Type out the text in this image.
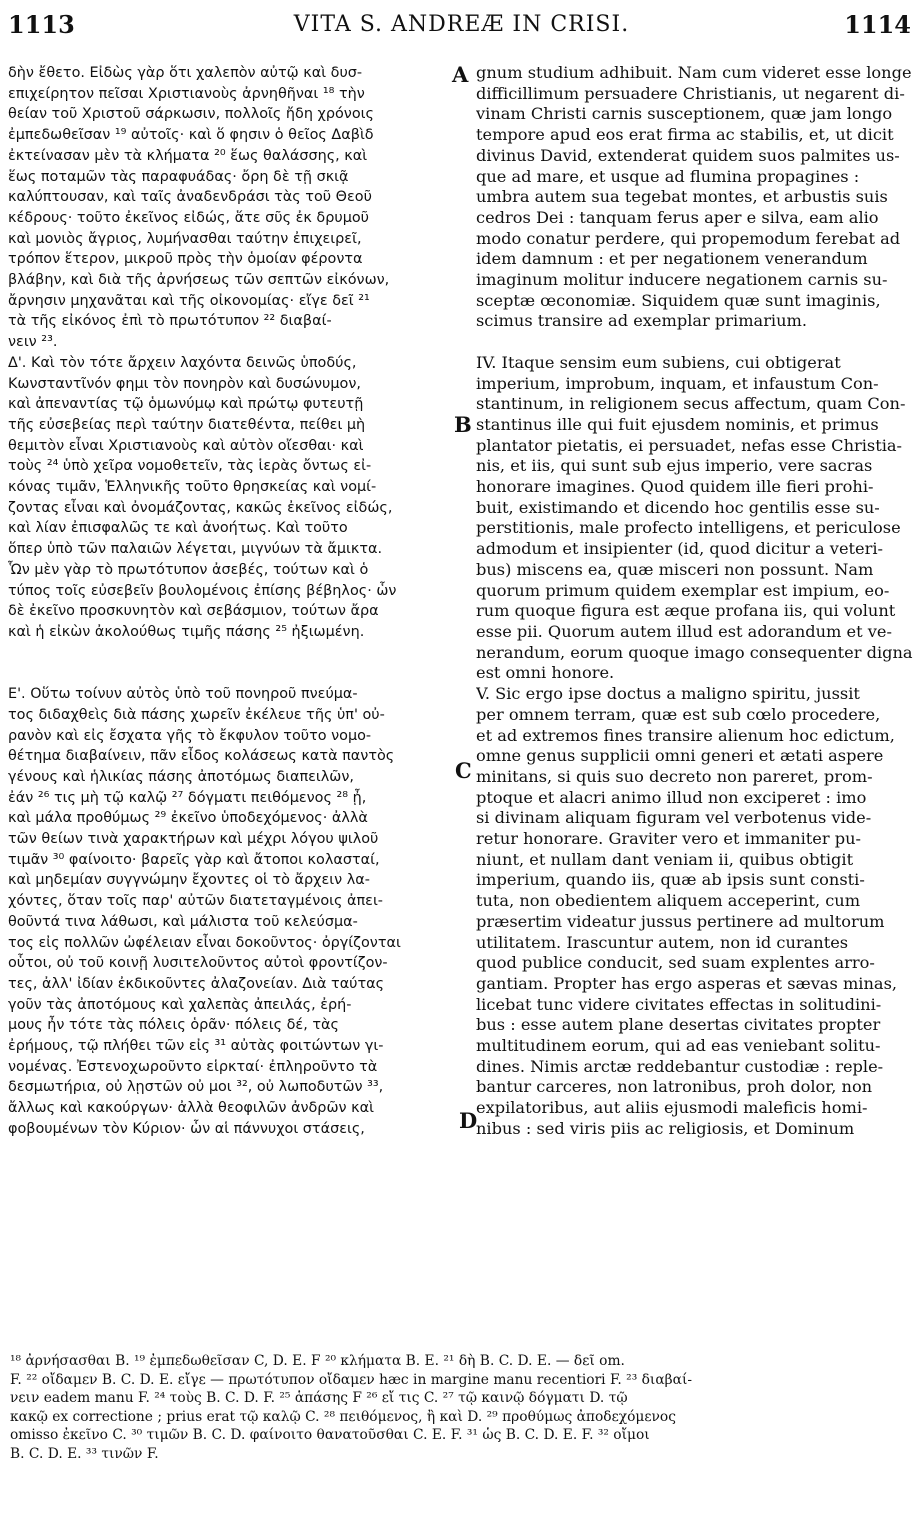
1113	VITA S. ANDREÆ IN CRISI.	1114
δὴν ἔθετο. Εἰδὼς γὰρ ὅτι χαλεπὸν αὐτῷ καὶ δυσ-
επιχείρητον πεῖσαι Χριστιανοὺς ἀρνηθῆναι ¹⁸ τὴν
θείαν τοῦ Χριστοῦ σάρκωσιν, πολλοῖς ἤδη χρόνοις
ἐμπεδωθεῖσαν ¹⁹ αὐτοῖς· καὶ ὅ φησιν ὁ θεῖος Δαβὶδ
ἐκτείνασαν μὲν τὰ κλήματα ²⁰ ἕως θαλάσσης, καὶ
ἕως ποταμῶν τὰς παραφυάδας· ὄρη δὲ τῇ σκιᾷ
καλύπτουσαν, καὶ ταῖς ἀναδενδράσι τὰς τοῦ Θεοῦ
κέδρους· τοῦτο ἐκεῖνος εἰδώς, ἅτε σῦς ἐκ δρυμοῦ
καὶ μονιὸς ἄγριος, λυμήνασθαι ταύτην ἐπιχειρεῖ,
τρόπον ἕτερον, μικροῦ πρὸς τὴν ὁμοίαν φέροντα
βλάβην, καὶ διὰ τῆς ἀρνήσεως τῶν σεπτῶν εἰκόνων,
ἄρνησιν μηχανᾶται καὶ τῆς οἰκονομίας· εἴγε δεῖ ²¹
τὰ τῆς εἰκόνος ἐπὶ τὸ πρωτότυπον ²² διαβαί-
νειν ²³.
Δ'. Καὶ τὸν τότε ἄρχειν λαχόντα δεινῶς ὑποδύς,
Κωνσταντῖνόν φημι τὸν πονηρὸν καὶ δυσώνυμον,
καὶ ἀπεναντίας τῷ ὁμωνύμῳ καὶ πρώτῳ φυτευτῇ
τῆς εὐσεβείας περὶ ταύτην διατεθέντα, πείθει μὴ
θεμιτὸν εἶναι Χριστιανοὺς καὶ αὐτὸν οἴεσθαι· καὶ
τοὺς ²⁴ ὑπὸ χεῖρα νομοθετεῖν, τὰς ἱερὰς ὄντως εἰ-
κόνας τιμᾶν, Ἑλληνικῆς τοῦτο θρησκείας καὶ νομί-
ζοντας εἶναι καὶ ὀνομάζοντας, κακῶς ἐκεῖνος εἰδώς,
καὶ λίαν ἐπισφαλῶς τε καὶ ἀνοήτως. Καὶ τοῦτο
ὅπερ ὑπὸ τῶν παλαιῶν λέγεται, μιγνύων τὰ ἄμικτα.
Ὧν μὲν γὰρ τὸ πρωτότυπον ἀσεβές, τούτων καὶ ὁ
τύπος τοῖς εὐσεβεῖν βουλομένοις ἐπίσης βέβηλος· ὧν
δὲ ἐκεῖνο προσκυνητὸν καὶ σεβάσμιον, τούτων ἄρα
καὶ ἡ εἰκὼν ἀκολούθως τιμῆς πάσης ²⁵ ἠξιωμένη.

Ε'. Οὕτω τοίνυν αὐτὸς ὑπὸ τοῦ πονηροῦ πνεύμα-
τος διδαχθεὶς διὰ πάσης χωρεῖν ἐκέλευε τῆς ὑπ' οὐ-
ρανὸν καὶ εἰς ἔσχατα γῆς τὸ ἔκφυλον τοῦτο νομο-
θέτημα διαβαίνειν, πᾶν εἶδος κολάσεως κατὰ παντὸς
γένους καὶ ἡλικίας πάσης ἀποτόμως διαπειλῶν,
ἐάν ²⁶ τις μὴ τῷ καλῷ ²⁷ δόγματι πειθόμενος ²⁸ ᾖ,
καὶ μάλα προθύμως ²⁹ ἐκεῖνο ὑποδεχόμενος· ἀλλὰ
τῶν θείων τινὰ χαρακτήρων καὶ μέχρι λόγου ψιλοῦ
τιμᾶν ³⁰ φαίνοιτο· βαρεῖς γὰρ καὶ ἄτοποι κολασταί,
καὶ μηδεμίαν συγγνώμην ἔχοντες οἱ τὸ ἄρχειν λα-
χόντες, ὅταν τοῖς παρ' αὐτῶν διατεταγμένοις ἀπει-
θοῦντά τινα λάθωσι, καὶ μάλιστα τοῦ κελεύσμα-
τος εἰς πολλῶν ὠφέλειαν εἶναι δοκοῦντος· ὀργίζονται
οὗτοι, οὐ τοῦ κοινῇ λυσιτελοῦντος αὐτοὶ φροντίζον-
τες, ἀλλ' ἰδίαν ἐκδικοῦντες ἀλαζονείαν. Διὰ ταύτας
γοῦν τὰς ἀποτόμους καὶ χαλεπὰς ἀπειλάς, ἐρή-
μους ἦν τότε τὰς πόλεις ὁρᾶν· πόλεις δέ, τὰς
ἐρήμους, τῷ πλήθει τῶν εἰς ³¹ αὐτὰς φοιτώντων γι-
νομένας. Ἐστενοχωροῦντο εἱρκταί· ἐπληροῦντο τὰ
δεσμωτήρια, οὐ λῃστῶν οὐ μοι ³², οὐ λωποδυτῶν ³³,
ἄλλως καὶ κακούργων· ἀλλὰ θεοφιλῶν ἀνδρῶν καὶ
φοβουμένων τὸν Κύριον· ὧν αἱ πάννυχοι στάσεις,
gnum studium adhibuit. Nam cum videret esse longe
difficillimum persuadere Christianis, ut negarent di-
vinam Christi carnis susceptionem, quæ jam longo
tempore apud eos erat firma ac stabilis, et, ut dicit
divinus David, extenderat quidem suos palmites us-
que ad mare, et usque ad flumina propagines :
umbra autem sua tegebat montes, et arbustis suis
cedros Dei : tanquam ferus aper e silva, eam alio
modo conatur perdere, qui propemodum ferebat ad
idem damnum : et per negationem venerandum
imaginum molitur inducere negationem carnis su-
sceptæ œconomiæ. Siquidem quæ sunt imaginis,
scimus transire ad exemplar primarium.

IV. Itaque sensim eum subiens, cui obtigerat
imperium, improbum, inquam, et infaustum Con-
stantinum, in religionem secus affectum, quam Con-
stantinus ille qui fuit ejusdem nominis, et primus
plantator pietatis, ei persuadet, nefas esse Christia-
nis, et iis, qui sunt sub ejus imperio, vere sacras
honorare imagines. Quod quidem ille fieri prohi-
buit, existimando et dicendo hoc gentilis esse su-
perstitionis, male profecto intelligens, et periculose
admodum et insipienter (id, quod dicitur a veteri-
bus) miscens ea, quæ misceri non possunt. Nam
quorum primum quidem exemplar est impium, eo-
rum quoque figura est æque profana iis, qui volunt
esse pii. Quorum autem illud est adorandum et ve-
nerandum, eorum quoque imago consequenter digna
est omni honore.
V. Sic ergo ipse doctus a maligno spiritu, jussit
per omnem terram, quæ est sub cœlo procedere,
et ad extremos fines transire alienum hoc edictum,
omne genus supplicii omni generi et ætati aspere
minitans, si quis suo decreto non pareret, prom-
ptoque et alacri animo illud non exciperet : imo
si divinam aliquam figuram vel verbotenus vide-
retur honorare. Graviter vero et immaniter pu-
niunt, et nullam dant veniam ii, quibus obtigit
imperium, quando iis, quæ ab ipsis sunt consti-
tuta, non obedientem aliquem acceperint, cum
præsertim videatur jussus pertinere ad multorum
utilitatem. Irascuntur autem, non id curantes
quod publice conducit, sed suam explentes arro-
gantiam. Propter has ergo asperas et sævas minas,
licebat tunc videre civitates effectas in solitudini-
bus : esse autem plane desertas civitates propter
multitudinem eorum, qui ad eas veniebant solitu-
dines. Nimis arctæ reddebantur custodiæ : reple-
bantur carceres, non latronibus, proh dolor, non
expilatoribus, aut aliis ejusmodi maleficis homi-
nibus : sed viris piis ac religiosis, et Dominum
A
B
C
D
¹⁸ ἀρνήσασθαι B. ¹⁹ ἐμπεδωθεῖσαν C, D. E. F ²⁰ κλήματα B. E. ²¹ δὴ B. C. D. E. — δεῖ om.
F. ²² οἴδαμεν B. C. D. E. εἴγε — πρωτότυπον οἴδαμεν hæc in margine manu recentiori F. ²³ διαβαί-
νειν eadem manu F. ²⁴ τοὺς B. C. D. F. ²⁵ ἁπάσης F ²⁶ εἴ τις C. ²⁷ τῷ καινῷ δόγματι D. τῷ
κακῷ ex correctione ; prius erat τῷ καλῷ C. ²⁸ πειθόμενος, ἢ καὶ D. ²⁹ προθύμως ἀποδεχόμενος
omisso ἐκεῖνο C. ³⁰ τιμῶν B. C. D. φαίνοιτο θανατοῦσθαι C. E. F. ³¹ ὡς B. C. D. E. F. ³² οἴμοι
B. C. D. E. ³³ τινῶν F.
